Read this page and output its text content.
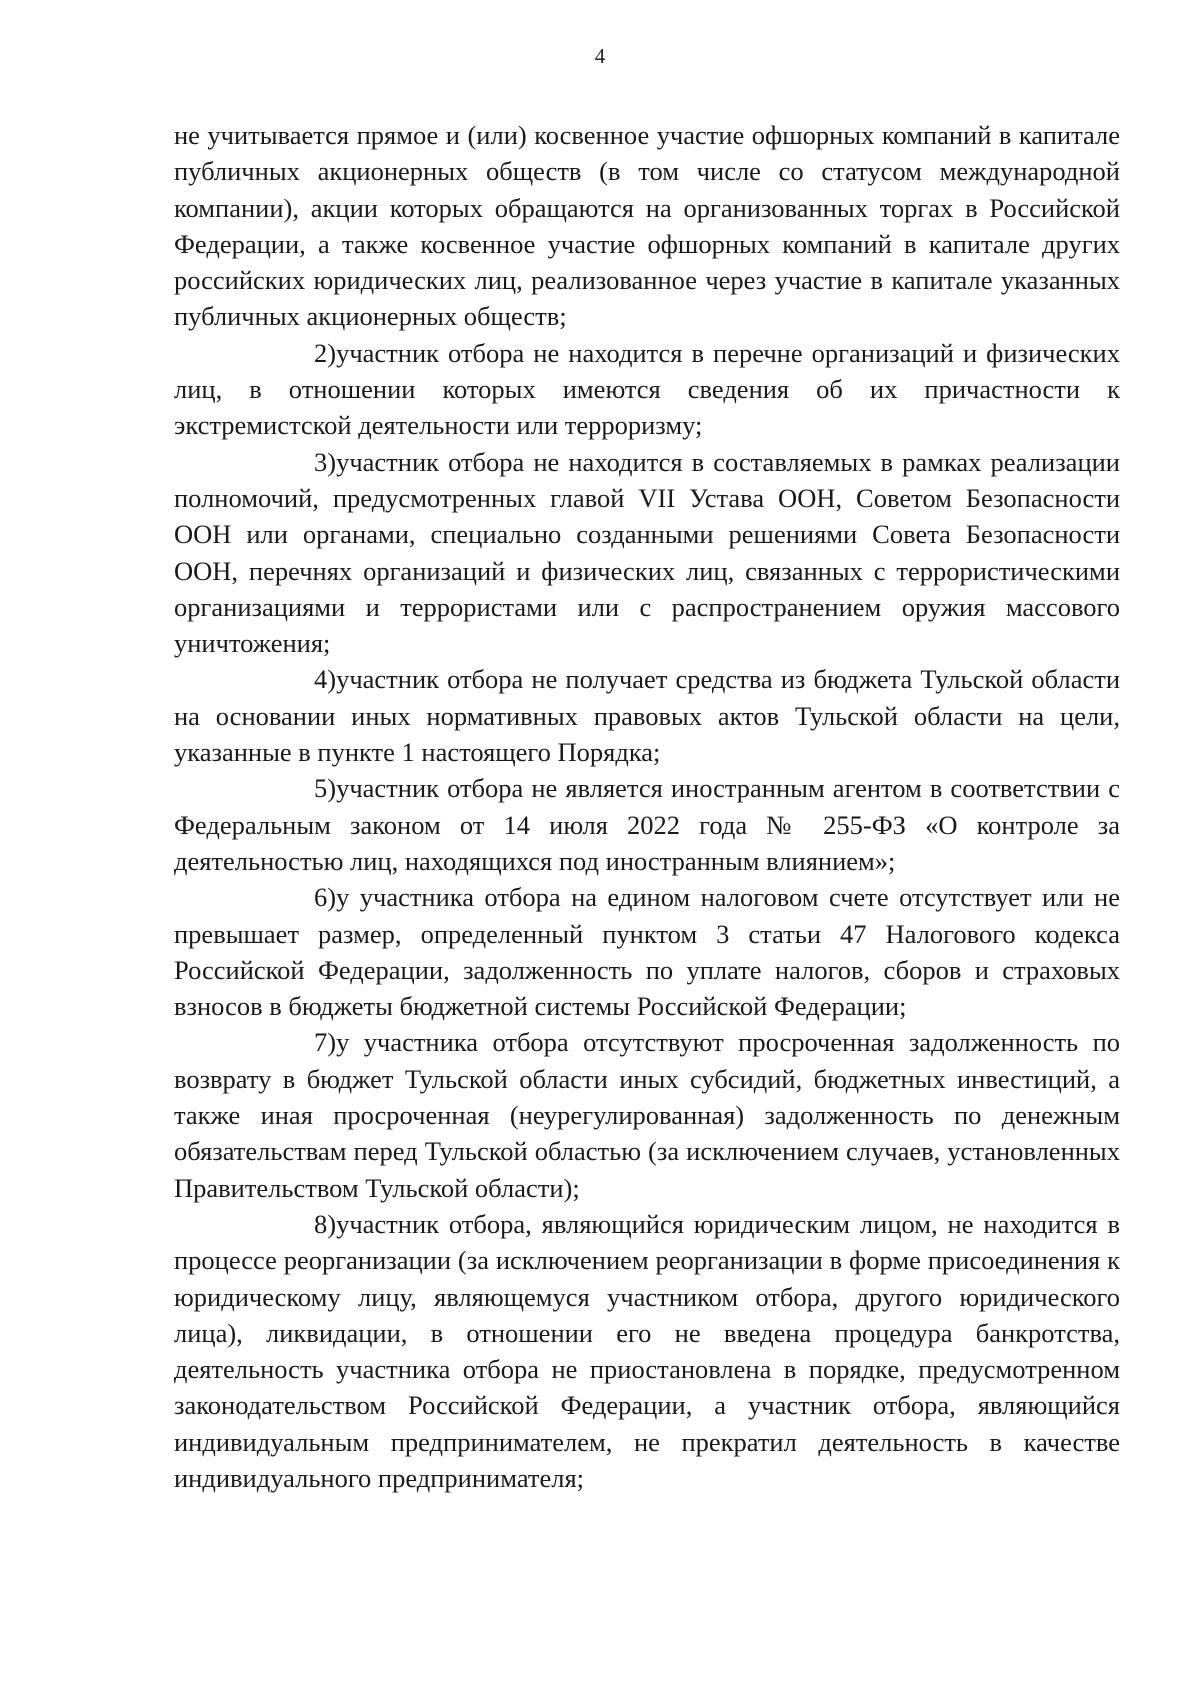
4

не учитывается прямое и (или) косвенное участие офшорных компаний в капитале публичных акционерных обществ (в том числе со статусом международной компании), акции которых обращаются на организованных торгах в Российской Федерации, а также косвенное участие офшорных компаний в капитале других российских юридических лиц, реализованное через участие в капитале указанных публичных акционерных обществ;

2)участник отбора не находится в перечне организаций и физических лиц, в отношении которых имеются сведения об их причастности к экстремистской деятельности или терроризму;

3)участник отбора не находится в составляемых в рамках реализации полномочий, предусмотренных главой VII Устава ООН, Советом Безопасности ООН или органами, специально созданными решениями Совета Безопасности ООН, перечнях организаций и физических лиц, связанных с террористическими организациями и террористами или с распространением оружия массового уничтожения;

4)участник отбора не получает средства из бюджета Тульской области на основании иных нормативных правовых актов Тульской области на цели, указанные в пункте 1 настоящего Порядка;

5)участник отбора не является иностранным агентом в соответствии с Федеральным законом от 14 июля 2022 года № 255-ФЗ «О контроле за деятельностью лиц, находящихся под иностранным влиянием»;

6)у участника отбора на едином налоговом счете отсутствует или не превышает размер, определенный пунктом 3 статьи 47 Налогового кодекса Российской Федерации, задолженность по уплате налогов, сборов и страховых взносов в бюджеты бюджетной системы Российской Федерации;

7)у участника отбора отсутствуют просроченная задолженность по возврату в бюджет Тульской области иных субсидий, бюджетных инвестиций, а также иная просроченная (неурегулированная) задолженность по денежным обязательствам перед Тульской областью (за исключением случаев, установленных Правительством Тульской области);

8)участник отбора, являющийся юридическим лицом, не находится в процессе реорганизации (за исключением реорганизации в форме присоединения к юридическому лицу, являющемуся участником отбора, другого юридического лица), ликвидации, в отношении его не введена процедура банкротства, деятельность участника отбора не приостановлена в порядке, предусмотренном законодательством Российской Федерации, а участник отбора, являющийся индивидуальным предпринимателем, не прекратил деятельность в качестве индивидуального предпринимателя;
